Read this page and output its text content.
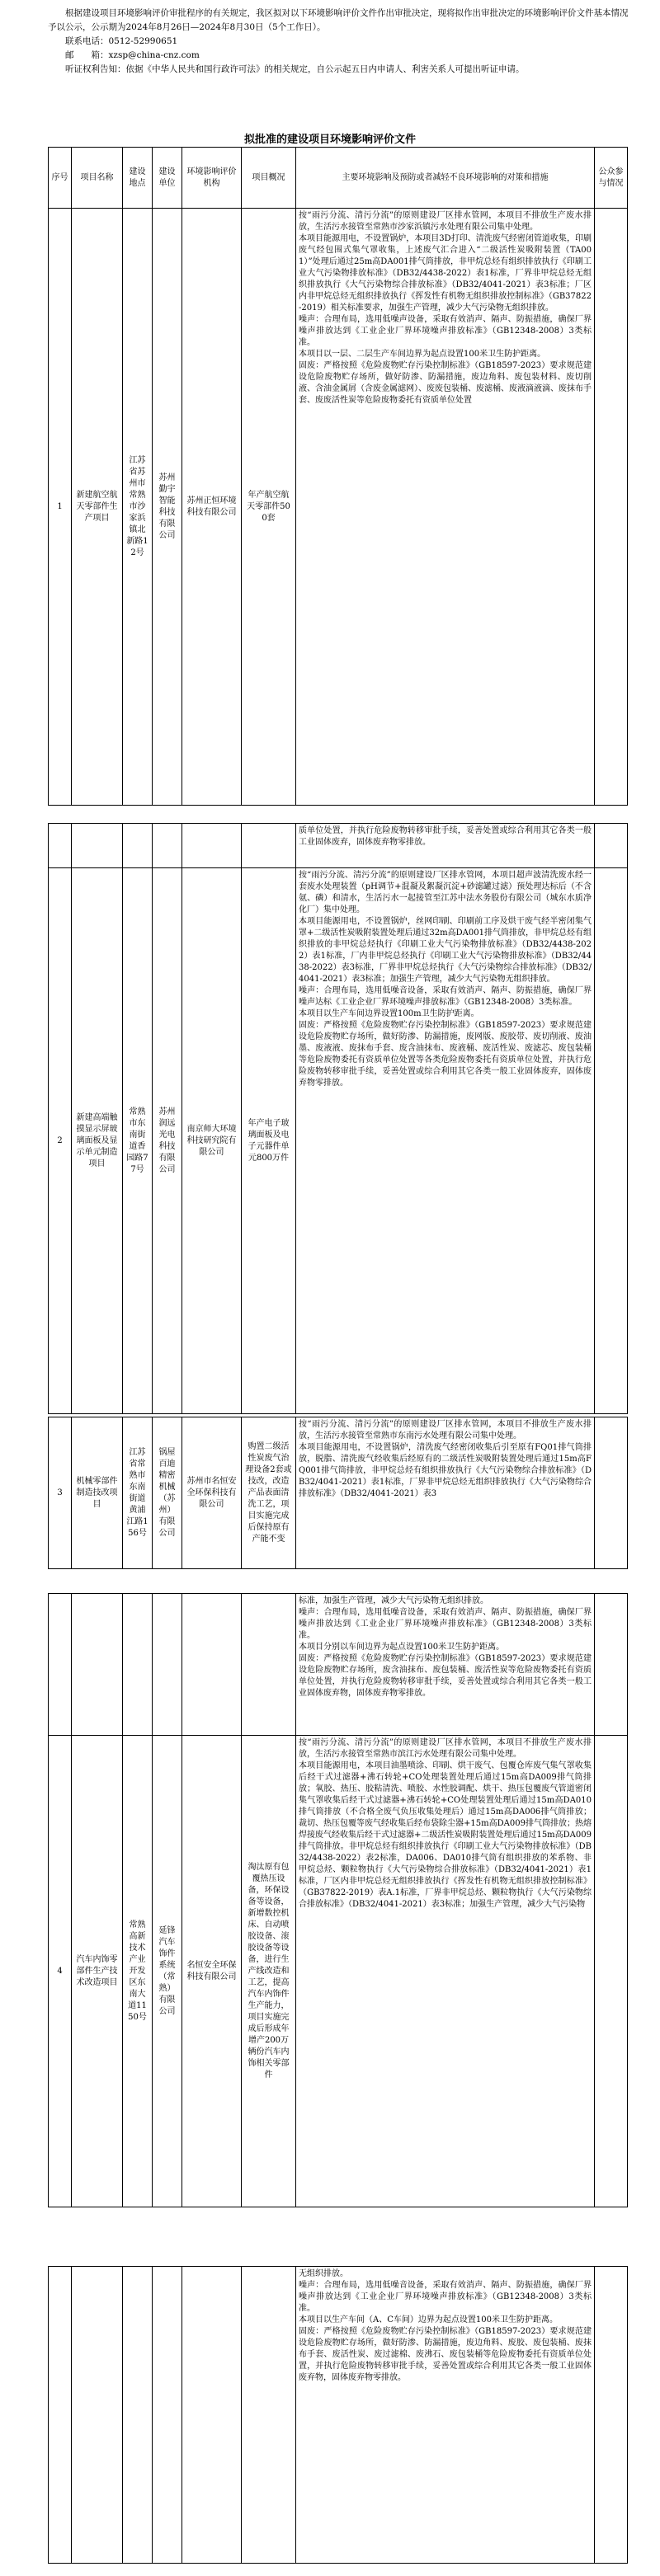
根据建设项目环境影响评价审批程序的有关规定，我区拟对以下环境影响评价文件作出审批决定，现将拟作出审批决定的环境影响评价文件基本情况予以公示，公示期为2024年8月26日—2024年8月30日（5个工作日）。

联系电话：0512-52990651

邮　　箱：xzsp@china-cnz.com

听证权利告知：依据《中华人民共和国行政许可法》的相关规定，自公示起五日内申请人、利害关系人可提出听证申请。

拟批准的建设项目环境影响评价文件
序号	项目名称	建设地点	建设单位	环境影响评价机构	项目概况	主要环境影响及预防或者减轻不良环境影响的对策和措施	公众参与情况
1	新建航空航天零部件生产项目	江苏省苏州市常熟市沙家浜镇北新路12号	苏州勤宇智能科技有限公司	苏州正恒环境科技有限公司	年产航空航天零部件500套	按“雨污分流、清污分流”的原则建设厂区排水管网，本项目不排放生产废水排放，生活污水接管至常熟市沙家浜镇污水处理有限公司集中处理。
本项目能源用电，不设置锅炉，本项目3D打印、清洗废气经密闭管道收集，印刷废气经包围式集气罩收集，上述废气汇合进入“二级活性炭吸附装置（TA001）”处理后通过25m高DA001排气筒排放，非甲烷总烃有组织排放执行《印刷工业大气污染物排放标准》（DB32/4438-2022）表1标准，厂界非甲烷总烃无组织排放执行《大气污染物综合排放标准》（DB32/4041-2021）表3标准；厂区内非甲烷总烃无组织排放执行《挥发性有机物无组织排放控制标准》（GB37822-2019）相关标准要求，加强生产管理，减少大气污染物无组织排放。
噪声：合理布局，选用低噪声设备，采取有效消声、隔声、防振措施，确保厂界噪声排放达到《工业企业厂界环境噪声排放标准》（GB12348-2008）3类标准。
本项目以一层、二层生产车间边界为起点设置100米卫生防护距离。
固废：严格按照《危险废物贮存污染控制标准》（GB18597-2023）要求规范建设危险废物贮存场所，做好防渗、防漏措施，废边角料、废包装材料、废切削液、含油金属屑（含废金属滤网）、废废包装桶、废滤桶、废液滴液滴、废抹布手套、废废活性炭等危险废物委托有资质单位处置	
						质单位处置，并执行危险废物转移审批手续，妥善处置或综合利用其它各类一般工业固体废弃，固体废弃物零排放。	
2	新建高端触摸显示屏玻璃面板及显示单元制造项目	常熟市东南街道香园路77号	苏州润远光电科技有限公司	南京师大环境科技研究院有限公司	年产电子玻璃面板及电子元器件单元800万件	按“雨污分流、清污分流”的原则建设厂区排水管网，本项目超声波清洗废水经一套废水处理装置（pH调节+混凝及絮凝沉淀+砂滤罐过滤）预处理达标后（不含氨、磷）和清水，生活污水一起接管至江苏中法水务股份有限公司（城东水质净化厂）集中处理。
本项目能源用电，不设置锅炉，丝网印刷、印刷前工序及烘干废气经半密闭集气罩+二级活性炭吸附装置处理后通过32m高DA001排气筒排放，非甲烷总烃有组织排放的非甲烷总烃执行《印刷工业大气污染物排放标准》（DB32/4438-2022）表1标准，厂内非甲烷总烃执行《印刷工业大气污染物排放标准》（DB32/4438-2022）表3标准，厂界非甲烷总烃执行《大气污染物综合排放标准》（DB32/4041-2021）表3标准；加强生产管理，减少大气污染物无组织排放。
噪声：合理布局，选用低噪音设备，采取有效消声、隔声、防振措施，确保厂界噪声达标《工业企业厂界环境噪声排放标准》（GB12348-2008）3类标准。
本项目以生产车间边界设置100m卫生防护距离。
固废：严格按照《危险废物贮存污染控制标准》（GB18597-2023）要求规范建设危险废物贮存场所，做好防渗、防漏措施，废网版、废胶带、废切削液、废油墨、废液液、废抹布手套、废含油抹布、废液桶、废活性炭、废滤芯、废包装桶等危险废物委托有资质单位处置等各类危险废物委托有资质单位处置，并执行危险废物转移审批手续，妥善处置或综合利用其它各类一般工业固体废弃，固体废弃物零排放。	
3	机械零部件制造技改项目	江苏省常熟市东南街道黄浦江路156号	锅屋百迪精密机械（苏州）有限公司	苏州市名恒安全环保科技有限公司	购置二级活性炭废气治理设备2套或技改，改造产品表面清洗工艺，项目实施完成后保持原有产能不变	按“雨污分流、清污分流”的原则建设厂区排水管网，本项目不排放生产废水排放，生活污水接管至常熟市东南污水处理有限公司集中处理。
本项目能源用电，不设置锅炉，清洗废气经密闭收集后引至原有FQ01排气筒排放，脱脂、清洗废气经收集后经原有的二级活性炭吸附装置处理后通过15m高FQ001排气筒排放，非甲烷总烃有组织排放执行《大气污染物综合排放标准》（DB32/4041-2021）表1标准，厂界非甲烷总烃无组织排放执行《大气污染物综合排放标准》（DB32/4041-2021）表3	
						标准，加强生产管理，减少大气污染物无组织排放。
噪声：合理布局，选用低噪音设备，采取有效消声、隔声、防振措施，确保厂界噪声排放达到《工业企业厂界环境噪声排放标准》（GB12348-2008）3类标准。
本项目分别以车间边界为起点设置100米卫生防护距离。
固废：严格按照《危险废物贮存污染控制标准》（GB18597-2023）要求规范建设危险废物贮存场所，废含油抹布、废包装桶、废活性炭等危险废物委托有资质单位处置，并执行危险废物转移审批手续，妥善处置或综合利用其它各类一般工业固体废弃物，固体废弃物零排放。	
4	汽车内饰零部件生产技术改造项目	常熟高新技术产业开发区东南大道1150号	延锋汽车饰件系统（常熟）有限公司	名恒安全环保科技有限公司	淘汰原有包覆热压设备，环保设备等设备，新增数控机床、自动喷胶设备、滚胶设备等设备，进行生产线改造和工艺，提高汽车内饰件生产能力，项目实施完成后形成年增产200万辆份汽车内饰相关零部件	按“雨污分流、清污分流”的原则建设厂区排水管网，本项目不排放生产废水排放，生活污水接管至常熟市滨江污水处理有限公司集中处理。
本项目能源用电，本项目油墨喷涂、印刷、烘干废气、包覆仓库废气集气罩收集后经干式过滤器+沸石转轮+CO处理装置处理后通过15m高DA009排气筒排放；氧胶、热压、胶粘清洗、喷胶、水性胶调配、烘干、热压包覆废气管道密闭集气罩收集后经干式过滤器+沸石转轮+CO处理装置处理后通过15m高DA010排气筒排放（不合格全废气负压收集处理后）通过15m高DA006排气筒排放；裁切、热压包覆等废气经收集后经布袋除尘器+15m高DA009排气筒排放；热熔焊接废气经收集后经干式过滤器+二级活性炭吸附装置处理后通过15m高DA009排气筒排放。非甲烷总烃有组织排放执行《印刷工业大气污染物排放标准》（DB32/4438-2022）表2标准，DA006、DA010排气筒有组织排放的苯系物、非甲烷总烃、颗粒物执行《大气污染物综合排放标准》（DB32/4041-2021）表1标准，厂区内非甲烷总烃无组织排放执行《挥发性有机物无组织排放控制标准》（GB37822-2019）表A.1标准，厂界非甲烷总烃、颗粒物执行《大气污染物综合排放标准》（DB32/4041-2021）表3标准；加强生产管理，减少大气污染物	
						无组织排放。
噪声：合理布局，选用低噪音设备，采取有效消声、隔声、防振措施，确保厂界噪声排放达到《工业企业厂界环境噪声排放标准》（GB12348-2008）3类标准。
本项目以生产车间（A、C车间）边界为起点设置100米卫生防护距离。
固废：严格按照《危险废物贮存污染控制标准》（GB18597-2023）要求规范建设危险废物贮存场所，做好防渗、防漏措施，废边角料、废胶、废包装桶、废抹布手套、废活性炭、废过滤棉、废沸石、废包装桶等危险废物委托有资质单位处置，并执行危险废物转移审批手续，妥善处置或综合利用其它各类一般工业固体废弃物，固体废弃物零排放。	
